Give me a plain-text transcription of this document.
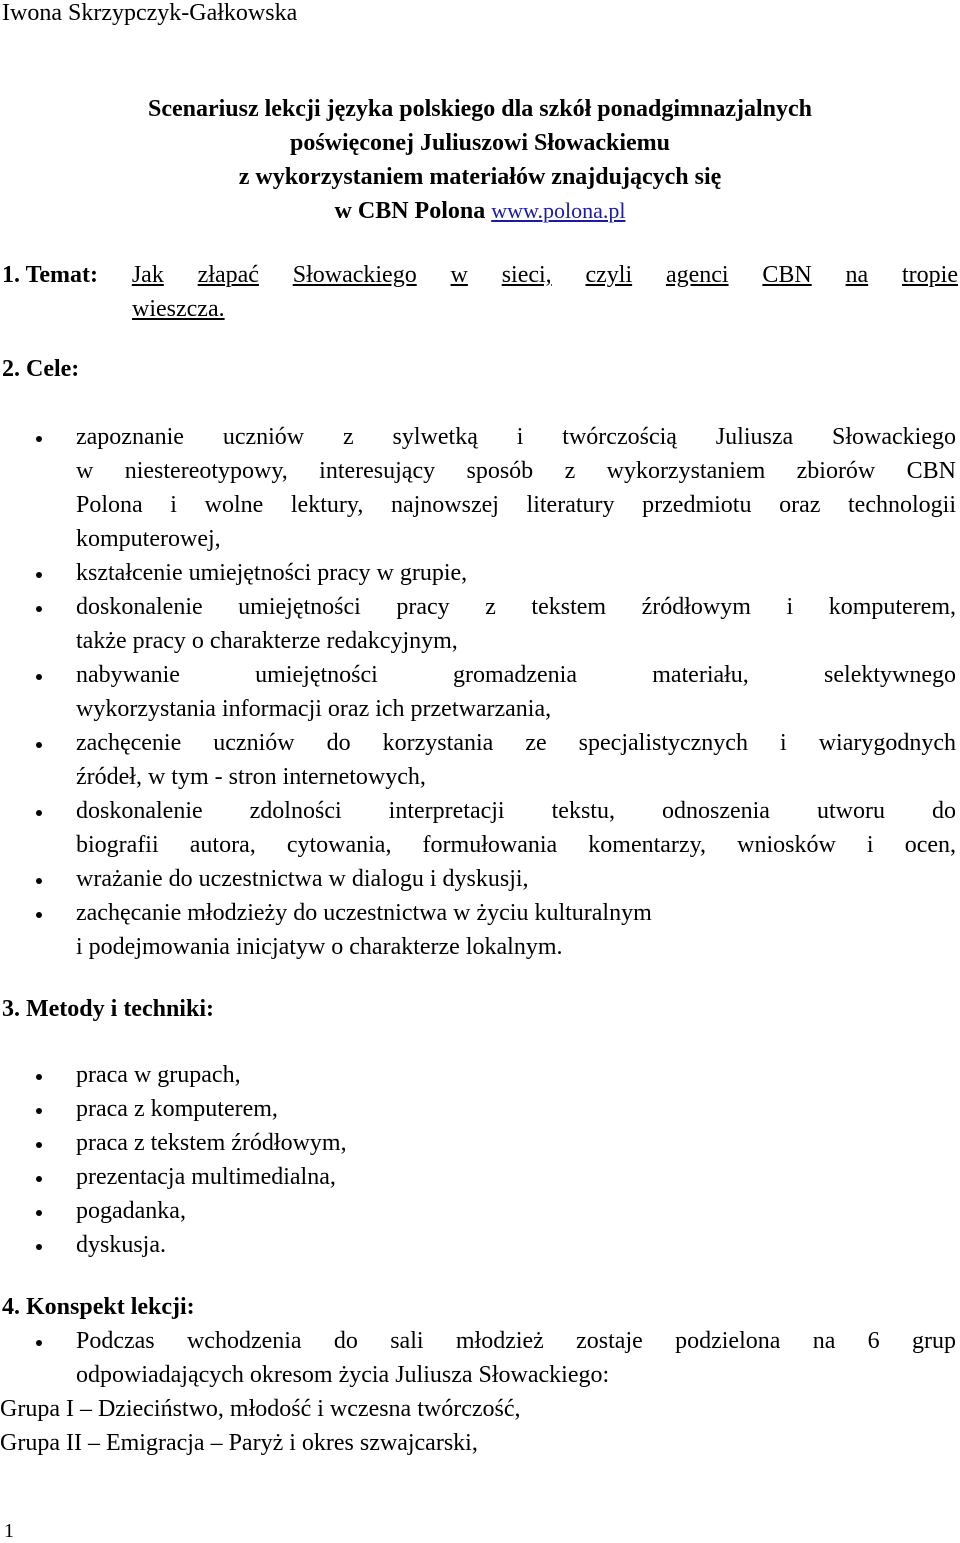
Iwona Skrzypczyk-Gałkowska
Scenariusz lekcji języka polskiego dla szkół ponadgimnazjalnych
poświęconej Juliuszowi Słowackiemu
z wykorzystaniem materiałów znajdujących się
w CBN Polona www.polona.pl
1. Temat: Jak złapać Słowackiego w sieci, czyli agenci CBN na tropie
wieszcza.
2. Cele:
zapoznanie uczniów z sylwetką i twórczością Juliusza Słowackiego
w niestereotypowy, interesujący sposób z wykorzystaniem zbiorów CBN
Polona i wolne lektury, najnowszej literatury przedmiotu oraz technologii
komputerowej,
kształcenie umiejętności pracy w grupie,
doskonalenie umiejętności pracy z tekstem źródłowym i komputerem,
także pracy o charakterze redakcyjnym,
nabywanie umiejętności gromadzenia materiału, selektywnego
wykorzystania informacji oraz ich przetwarzania,
zachęcenie uczniów do korzystania ze specjalistycznych i wiarygodnych
źródeł, w tym - stron internetowych,
doskonalenie zdolności interpretacji tekstu, odnoszenia utworu do
biografii autora, cytowania, formułowania komentarzy, wniosków i ocen,
wrażanie do uczestnictwa w dialogu i dyskusji,
zachęcanie młodzieży do uczestnictwa w życiu kulturalnym
i podejmowania inicjatyw o charakterze lokalnym.
3. Metody i techniki:
praca w grupach,
praca z komputerem,
praca z tekstem źródłowym,
prezentacja multimedialna,
pogadanka,
dyskusja.
4. Konspekt lekcji:
Podczas wchodzenia do sali młodzież zostaje podzielona na 6 grup
odpowiadających okresom życia Juliusza Słowackiego:
Grupa I – Dzieciństwo, młodość i wczesna twórczość,
Grupa II – Emigracja – Paryż i okres szwajcarski,
1
